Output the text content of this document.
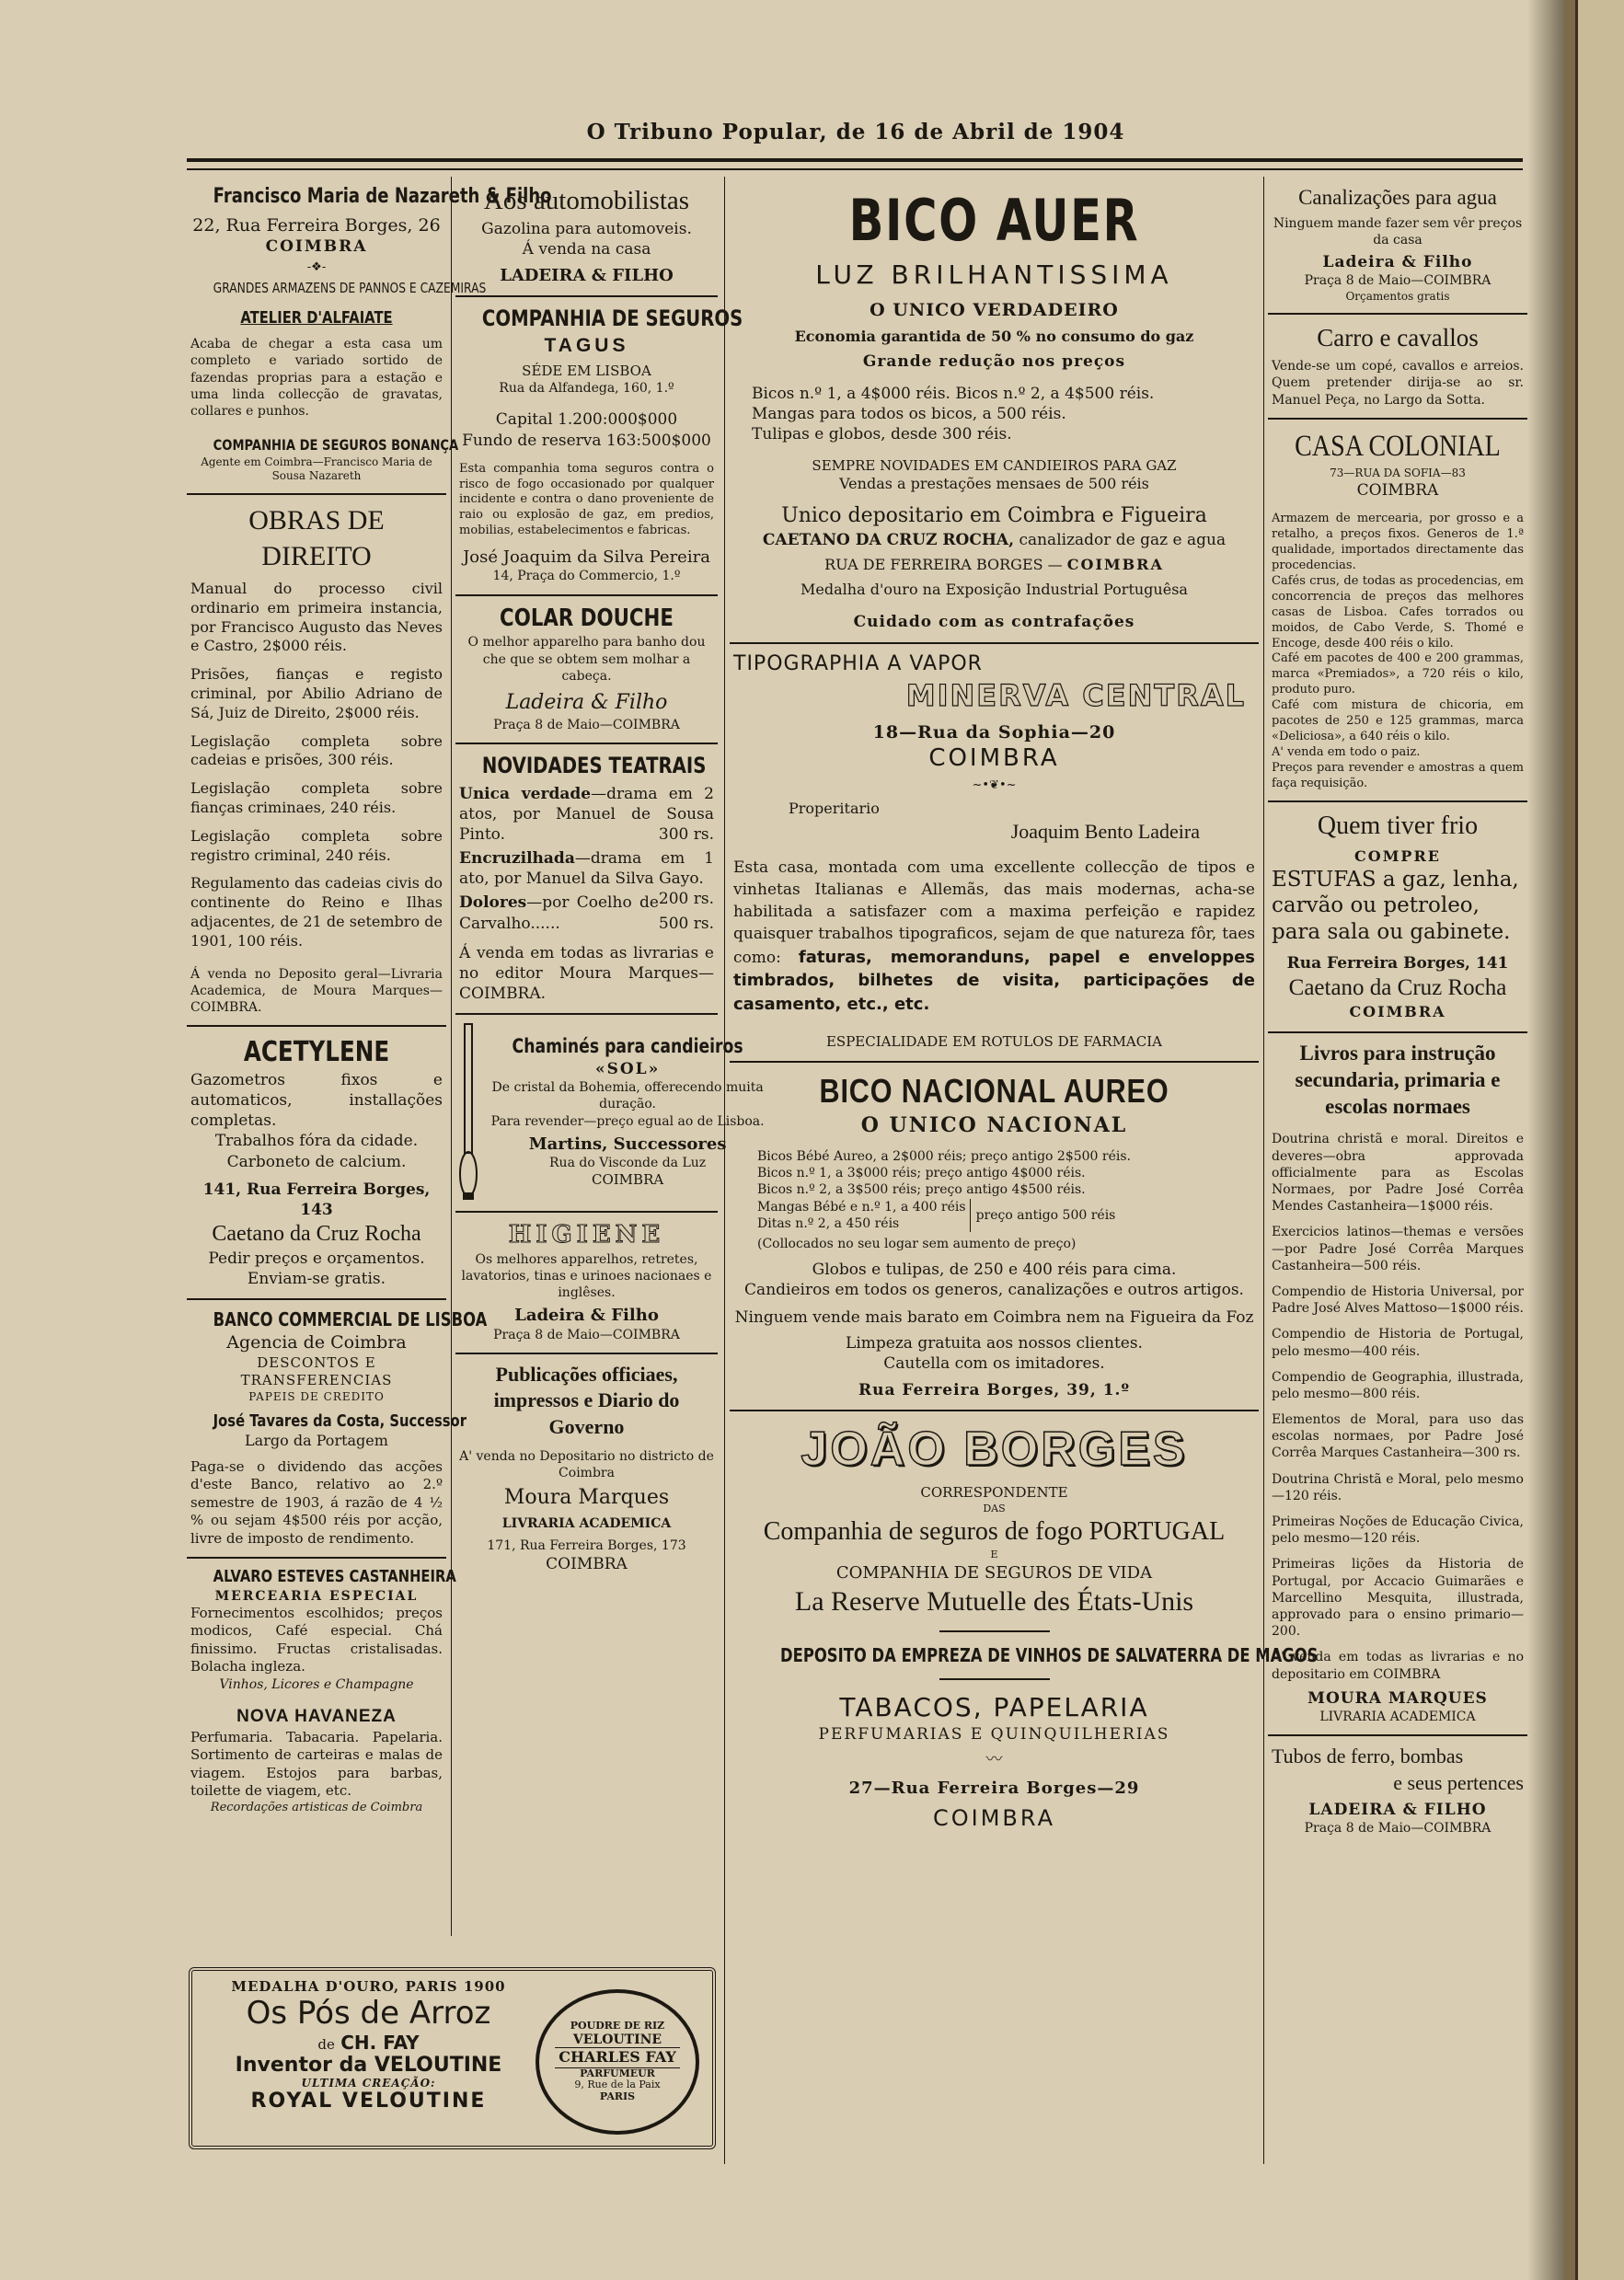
O Tribuno Popular, de 16 de Abril de 1904
Francisco Maria de Nazareth & Filho
22, Rua Ferreira Borges, 26
COIMBRA
-❖-
GRANDES ARMAZENS DE PANNOS E CAZEMIRAS
ATELIER D'ALFAIATE
Acaba de chegar a esta casa um completo e variado sortido de fazendas proprias para a estação e uma linda collecção de gravatas, collares e punhos.
COMPANHIA DE SEGUROS BONANÇA
Agente em Coimbra—Francisco Maria de Sousa Nazareth
OBRAS DE DIREITO
Manual do processo civil ordinario em primeira instancia, por Francisco Augusto das Neves e Castro, 2$000 réis.
Prisões, fianças e registo criminal, por Abilio Adriano de Sá, Juiz de Direito, 2$000 réis.
Legislação completa sobre cadeias e prisões, 300 réis.
Legislação completa sobre fianças criminaes, 240 réis.
Legislação completa sobre registro criminal, 240 réis.
Regulamento das cadeias civis do continente do Reino e Ilhas adjacentes, de 21 de setembro de 1901, 100 réis.
Á venda no Deposito geral—Livraria Academica, de Moura Marques—COIMBRA.
ACETYLENE
Gazometros fixos e automaticos, installações completas.
Trabalhos fóra da cidade.
Carboneto de calcium.
141, Rua Ferreira Borges, 143
Caetano da Cruz Rocha
Pedir preços e orçamentos. Enviam-se gratis.
BANCO COMMERCIAL DE LISBOA
Agencia de Coimbra
DESCONTOS E TRANSFERENCIAS
PAPEIS DE CREDITO
José Tavares da Costa, Successor
Largo da Portagem
Paga-se o dividendo das acções d'este Banco, relativo ao 2.º semestre de 1903, á razão de 4 ½ % ou sejam 4$500 réis por acção, livre de imposto de rendimento.
ALVARO ESTEVES CASTANHEIRA
MERCEARIA ESPECIAL
Fornecimentos escolhidos; preços modicos, Café especial. Chá finissimo. Fructas cristalisadas. Bolacha ingleza.
Vinhos, Licores e Champagne
NOVA HAVANEZA
Perfumaria. Tabacaria. Papelaria. Sortimento de carteiras e malas de viagem. Estojos para barbas, toilette de viagem, etc.
Recordações artisticas de Coimbra
Aos automobilistas
Gazolina para automoveis.
Á venda na casa
LADEIRA & FILHO
COMPANHIA DE SEGUROS
TAGUS
SÉDE EM LISBOA
Rua da Alfandega, 160, 1.º
Capital 1.200:000$000
Fundo de reserva 163:500$000
Esta companhia toma seguros contra o risco de fogo occasionado por qualquer incidente e contra o dano proveniente de raio ou explosão de gaz, em predios, mobilias, estabelecimentos e fabricas.
José Joaquim da Silva Pereira
14, Praça do Commercio, 1.º
COLAR DOUCHE
O melhor apparelho para banho dou che que se obtem sem molhar a cabeça.
Ladeira & Filho
Praça 8 de Maio—COIMBRA
NOVIDADES TEATRAIS
Unica verdade—drama em 2 atos, por Manuel de Sousa Pinto.	300 rs.
Encruzilhada—drama em 1 ato, por Manuel da Silva Gayo.
200 rs.
Dolores—por Coelho de Carvalho......	500 rs.
Á venda em todas as livrarias e no editor Moura Marques—COIMBRA.
Chaminés para candieiros
«SOL»
De cristal da Bohemia, offerecendo muita duração.
Para revender—preço egual ao de Lisboa.
Martins, Successores
Rua do Visconde da Luz
COIMBRA
HIGIENE
Os melhores apparelhos, retretes, lavatorios, tinas e urinoes nacionaes e inglêses.
Ladeira & Filho
Praça 8 de Maio—COIMBRA
Publicações officiaes, impressos e Diario do Governo
A' venda no Depositario no districto de Coimbra
Moura Marques
LIVRARIA ACADEMICA
171, Rua Ferreira Borges, 173
COIMBRA
BICO AUER
LUZ BRILHANTISSIMA
O UNICO VERDADEIRO
Economia garantida de 50 % no consumo do gaz
Grande redução nos preços
Bicos n.º 1, a 4$000 réis. Bicos n.º 2, a 4$500 réis.
Mangas para todos os bicos, a 500 réis.
Tulipas e globos, desde 300 réis.
SEMPRE NOVIDADES EM CANDIEIROS PARA GAZ
Vendas a prestações mensaes de 500 réis
Unico depositario em Coimbra e Figueira
CAETANO DA CRUZ ROCHA, canalizador de gaz e agua
RUA DE FERREIRA BORGES — COIMBRA
Medalha d'ouro na Exposição Industrial Portuguêsa
Cuidado com as contrafações
TIPOGRAPHIA A VAPOR
MINERVA CENTRAL
18—Rua da Sophia—20
COIMBRA
~•❦•~
Properitario
Joaquim Bento Ladeira
Esta casa, montada com uma excellente collecção de tipos e vinhetas Italianas e Allemãs, das mais modernas, acha-se habilitada a satisfazer com a maxima perfeição e rapidez quaisquer trabalhos tipograficos, sejam de que natureza fôr, taes como: faturas, memoranduns, papel e enveloppes timbrados, bilhetes de visita, participações de casamento, etc., etc.
ESPECIALIDADE EM ROTULOS DE FARMACIA
BICO NACIONAL AUREO
O UNICO NACIONAL
Bicos Bébé Aureo, a 2$000 réis; preço antigo 2$500 réis.
Bicos n.º 1, a 3$000 réis; preço antigo 4$000 réis.
Bicos n.º 2, a 3$500 réis; preço antigo 4$500 réis.
Mangas Bébé e n.º 1, a 400 réis
Ditas n.º 2, a 450 réis
preço antigo 500 réis
(Collocados no seu logar sem aumento de preço)
Globos e tulipas, de 250 e 400 réis para cima.
Candieiros em todos os generos, canalizações e outros artigos.
Ninguem vende mais barato em Coimbra nem na Figueira da Foz
Limpeza gratuita aos nossos clientes.
Cautella com os imitadores.
Rua Ferreira Borges, 39, 1.º
JOÃO BORGES
CORRESPONDENTE
DAS
Companhia de seguros de fogo PORTUGAL
E
COMPANHIA DE SEGUROS DE VIDA
La Reserve Mutuelle des États-Unis
DEPOSITO DA EMPREZA DE VINHOS DE SALVATERRA DE MAGOS
TABACOS, PAPELARIA
PERFUMARIAS E QUINQUILHERIAS
〰
27—Rua Ferreira Borges—29
COIMBRA
Canalizações para agua
Ninguem mande fazer sem vêr preços da casa
Ladeira & Filho
Praça 8 de Maio—COIMBRA
Orçamentos gratis
Carro e cavallos
Vende-se um copé, cavallos e arreios. Quem pretender dirija-se ao sr. Manuel Peça, no Largo da Sotta.
CASA COLONIAL
73—RUA DA SOFIA—83
COIMBRA
Armazem de mercearia, por grosso e a retalho, a preços fixos. Generos de 1.ª qualidade, importados directamente das procedencias.
Cafés crus, de todas as procedencias, em concorrencia de preços das melhores casas de Lisboa. Cafes torrados ou moidos, de Cabo Verde, S. Thomé e Encoge, desde 400 réis o kilo.
Café em pacotes de 400 e 200 grammas, marca «Premiados», a 720 réis o kilo, produto puro.
Café com mistura de chicoria, em pacotes de 250 e 125 grammas, marca «Deliciosa», a 640 réis o kilo.
A' venda em todo o paiz.
Preços para revender e amostras a quem faça requisição.
Quem tiver frio
COMPRE
ESTUFAS a gaz, lenha, carvão ou petroleo, para sala ou gabinete.
Rua Ferreira Borges, 141
Caetano da Cruz Rocha
COIMBRA
Livros para instrução secundaria, primaria e escolas normaes
Doutrina christã e moral. Direitos e deveres—obra approvada officialmente para as Escolas Normaes, por Padre José Corrêa Mendes Castanheira—1$000 réis.
Exercicios latinos—themas e versões—por Padre José Corrêa Marques Castanheira—500 réis.
Compendio de Historia Universal, por Padre José Alves Mattoso—1$000 réis.
Compendio de Historia de Portugal, pelo mesmo—400 réis.
Compendio de Geographia, illustrada, pelo mesmo—800 réis.
Elementos de Moral, para uso das escolas normaes, por Padre José Corrêa Marques Castanheira—300 rs.
Doutrina Christã e Moral, pelo mesmo—120 réis.
Primeiras Noções de Educação Civica, pelo mesmo—120 réis.
Primeiras lições da Historia de Portugal, por Accacio Guimarães e Marcellino Mesquita, illustrada, approvado para o ensino primario—200.
A' venda em todas as livrarias e no depositario em COIMBRA
MOURA MARQUES
LIVRARIA ACADEMICA
Tubos de ferro, bombas
e seus pertences
LADEIRA & FILHO
Praça 8 de Maio—COIMBRA
MEDALHA D'OURO, PARIS 1900
Os Pós de Arroz
de CH. FAY
Inventor da VELOUTINE
ULTIMA CREAÇÃO:
ROYAL VELOUTINE
POUDRE DE RIZ
VELOUTINE
CHARLES FAY
PARFUMEUR
9, Rue de la Paix
PARIS
